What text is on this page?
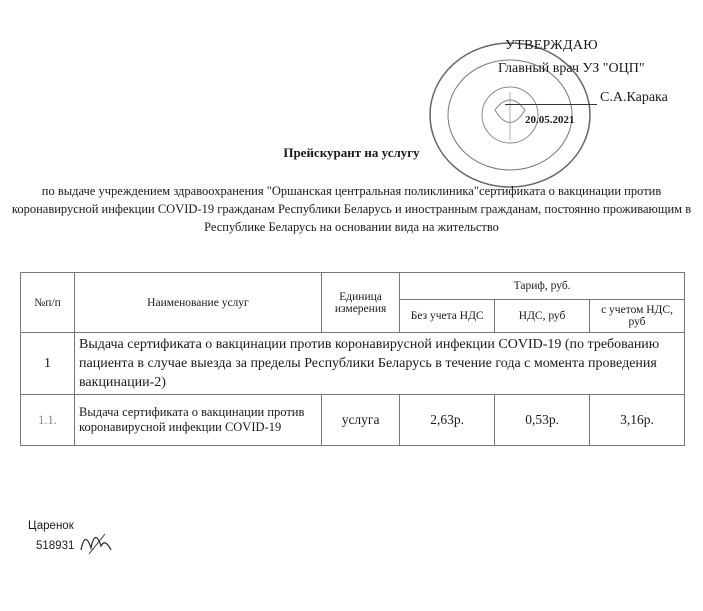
УТВЕРЖДАЮ
Главный врач УЗ "ОЦП"
С.А.Карака
20.05.2021
Прейскурант на услугу
по выдаче учреждением здравоохранения "Оршанская центральная поликлиника"сертификата о вакцинации против коронавирусной инфекции COVID-19 гражданам Республики Беларусь и иностранным гражданам, постоянно проживающим в Республике Беларусь на основании вида на жительство
№п/п	Наименование услуг	Единица измерения	Тариф, руб.		
			Без учета НДС	НДС, руб	с учетом НДС, руб
1	Выдача сертификата о вакцинации против коронавирусной инфекции COVID-19 (по требованию пациента в случае выезда за пределы Республики Беларусь в течение года с момента проведения вакцинации-2)				
1.1.	Выдача сертификата о вакцинации против коронавирусной инфекции COVID-19	услуга	2,63р.	0,53р.	3,16р.
Царенок
518931
